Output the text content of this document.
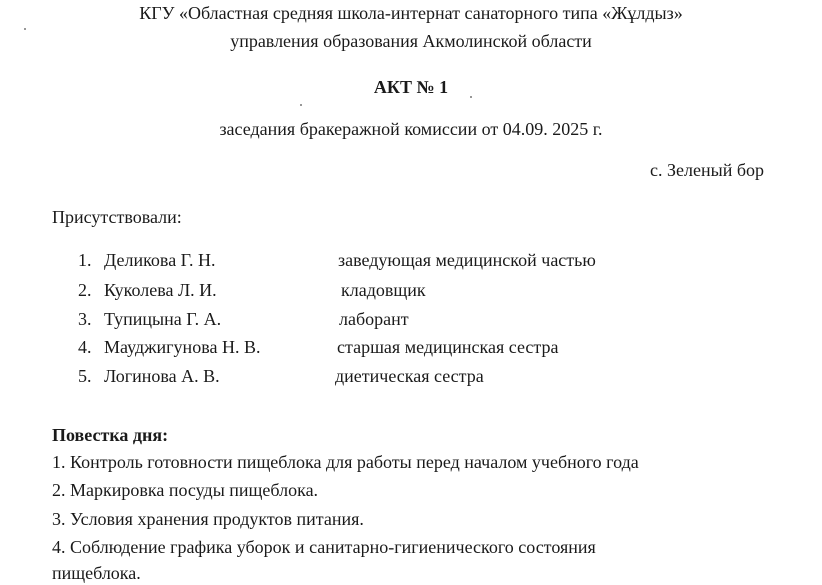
КГУ «Областная средняя школа-интернат санаторного типа «Жұлдыз»
управления образования Акмолинской области
АКТ № 1
заседания бракеражной комиссии от 04.09. 2025 г.
с. Зеленый бор
Присутствовали:
1. Деликова Г. Н.	заведующая медицинской частью
2. Куколева Л. И.	кладовщик
3. Тупицына Г. А.	лаборант
4. Мауджигунова Н. В.	старшая медицинская сестра
5. Логинова А. В.	диетическая сестра
Повестка дня:
1. Контроль готовности пищеблока для работы перед началом учебного года
2. Маркировка посуды пищеблока.
3. Условия хранения продуктов питания.
4. Соблюдение графика уборок и санитарно-гигиенического состояния
пищеблока.
